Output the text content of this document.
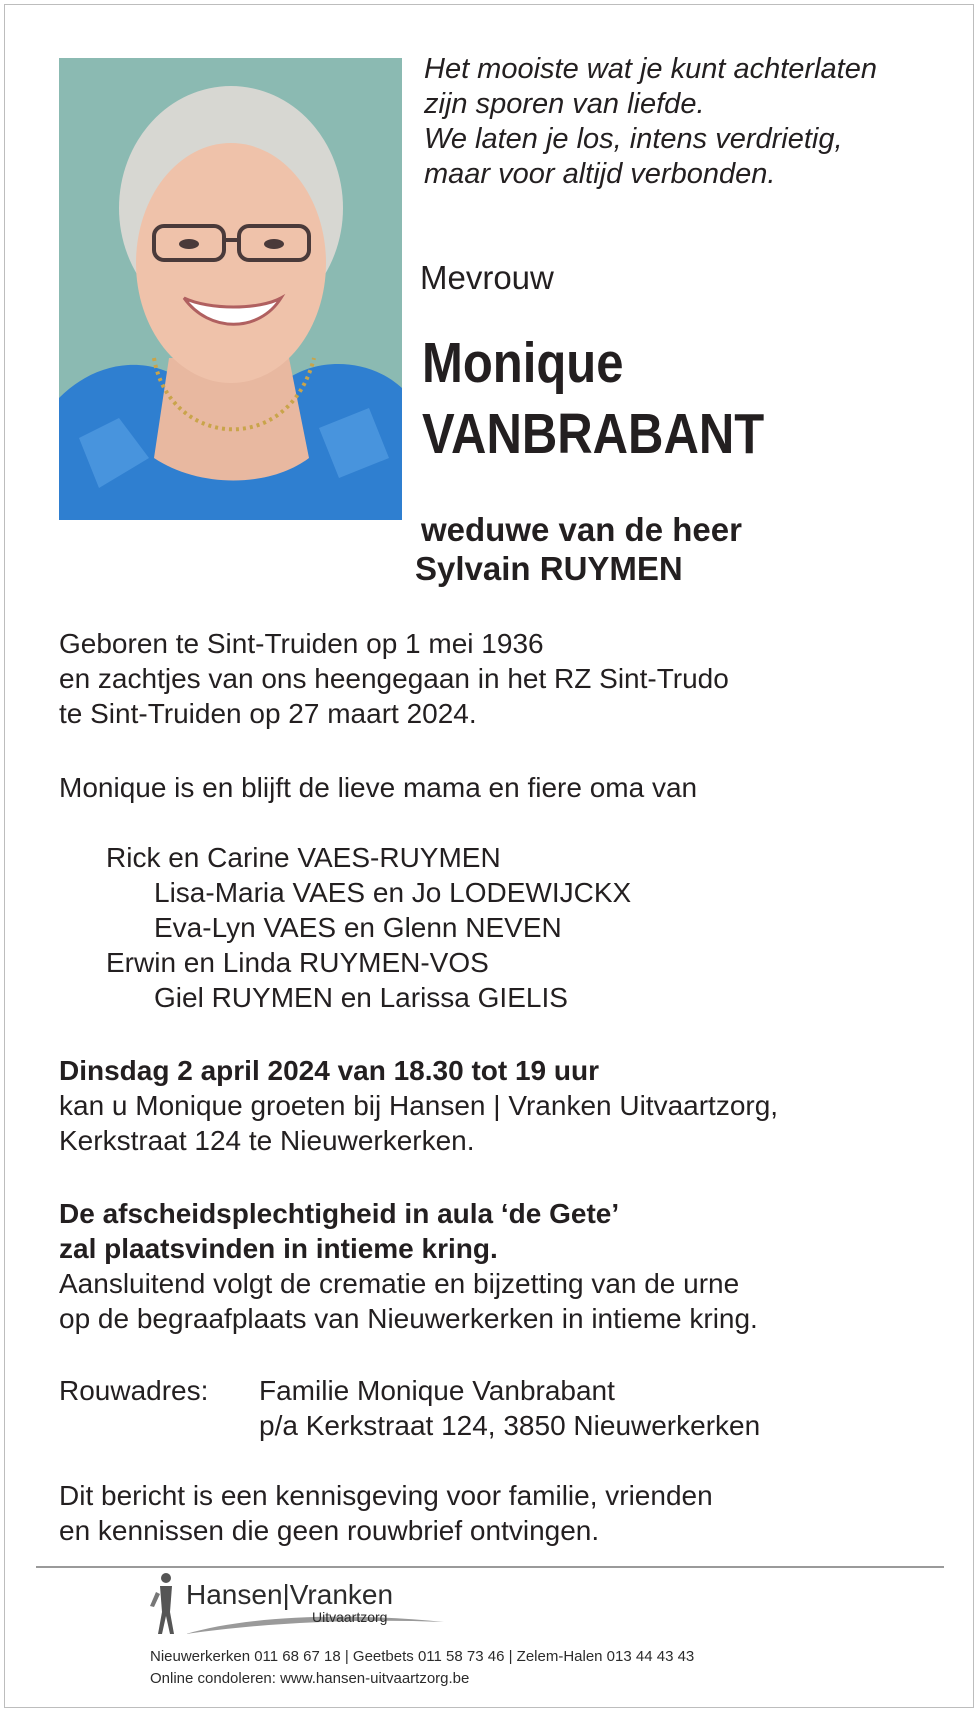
Het mooiste wat je kunt achterlaten
zijn sporen van liefde.
We laten je los, intens verdrietig,
maar voor altijd verbonden.
Mevrouw
Monique
VANBRABANT
weduwe van de heer
Sylvain RUYMEN
Geboren te Sint-Truiden op 1 mei 1936
en zachtjes van ons heengegaan in het RZ Sint-Trudo
te Sint-Truiden op 27 maart 2024.
Monique is en blijft de lieve mama en fiere oma van
Rick en Carine VAES-RUYMEN
Lisa-Maria VAES en Jo LODEWIJCKX
Eva-Lyn VAES en Glenn NEVEN
Erwin en Linda RUYMEN-VOS
Giel RUYMEN en Larissa GIELIS
Dinsdag 2 april 2024 van 18.30 tot 19 uur
kan u Monique groeten bij Hansen | Vranken Uitvaartzorg,
Kerkstraat 124 te Nieuwerkerken.
De afscheidsplechtigheid in aula ‘de Gete’
zal plaatsvinden in intieme kring.
Aansluitend volgt de crematie en bijzetting van de urne
op de begraafplaats van Nieuwerkerken in intieme kring.
Rouwadres: Familie Monique Vanbrabant
p/a Kerkstraat 124, 3850 Nieuwerkerken
Dit bericht is een kennisgeving voor familie, vrienden
en kennissen die geen rouwbrief ontvingen.
Hansen|Vranken
Uitvaartzorg
Nieuwerkerken 011 68 67 18 | Geetbets 011 58 73 46 | Zelem-Halen 013 44 43 43
Online condoleren: www.hansen-uitvaartzorg.be
